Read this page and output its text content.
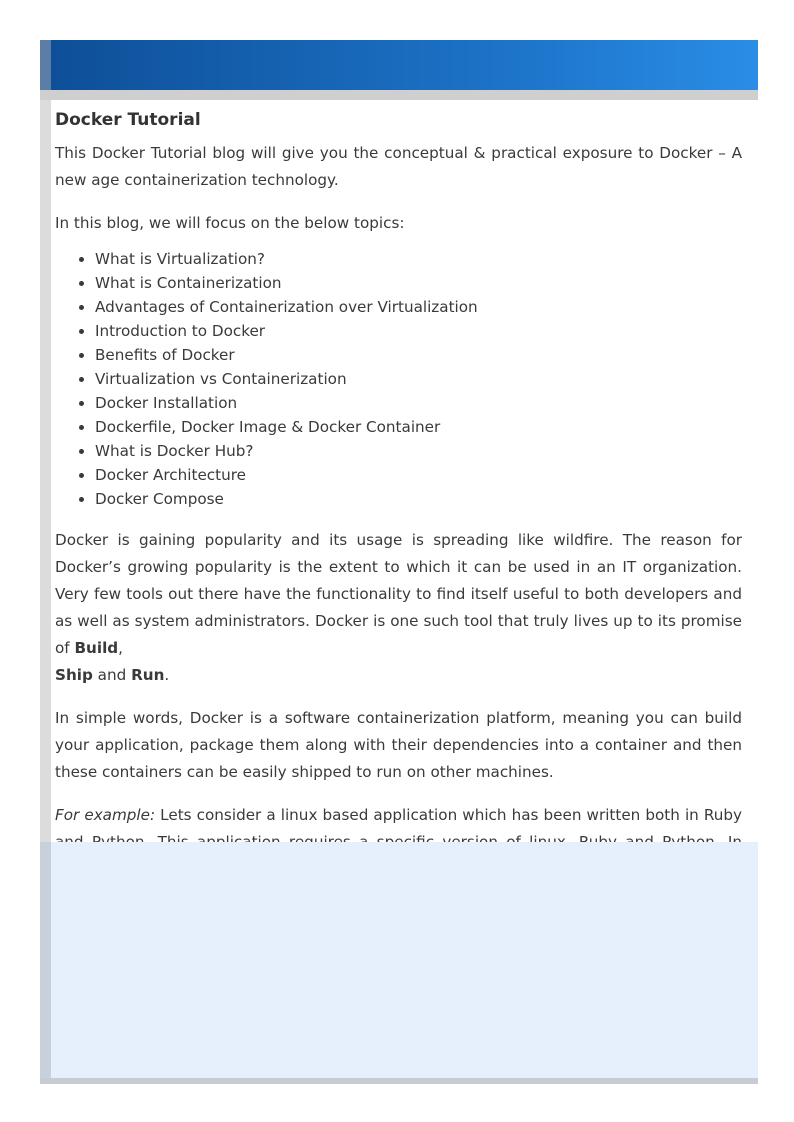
Docker Tutorial

This Docker Tutorial blog will give you the conceptual & practical exposure to Docker – A new age containerization technology.

In this blog, we will focus on the below topics:

• What is Virtualization?
• What is Containerization
• Advantages of Containerization over Virtualization
• Introduction to Docker
• Benefits of Docker
• Virtualization vs Containerization
• Docker Installation
• Dockerfile, Docker Image & Docker Container
• What is Docker Hub?
• Docker Architecture
• Docker Compose

Docker is gaining popularity and its usage is spreading like wildfire. The reason for Docker’s growing popularity is the extent to which it can be used in an IT organization. Very few tools out there have the functionality to find itself useful to both developers and as well as system administrators. Docker is one such tool that truly lives up to its promise of Build,
Ship and Run.

In simple words, Docker is a software containerization platform, meaning you can build your application, package them along with their dependencies into a container and then these containers can be easily shipped to run on other machines.

For example: Lets consider a linux based application which has been written both in Ruby
